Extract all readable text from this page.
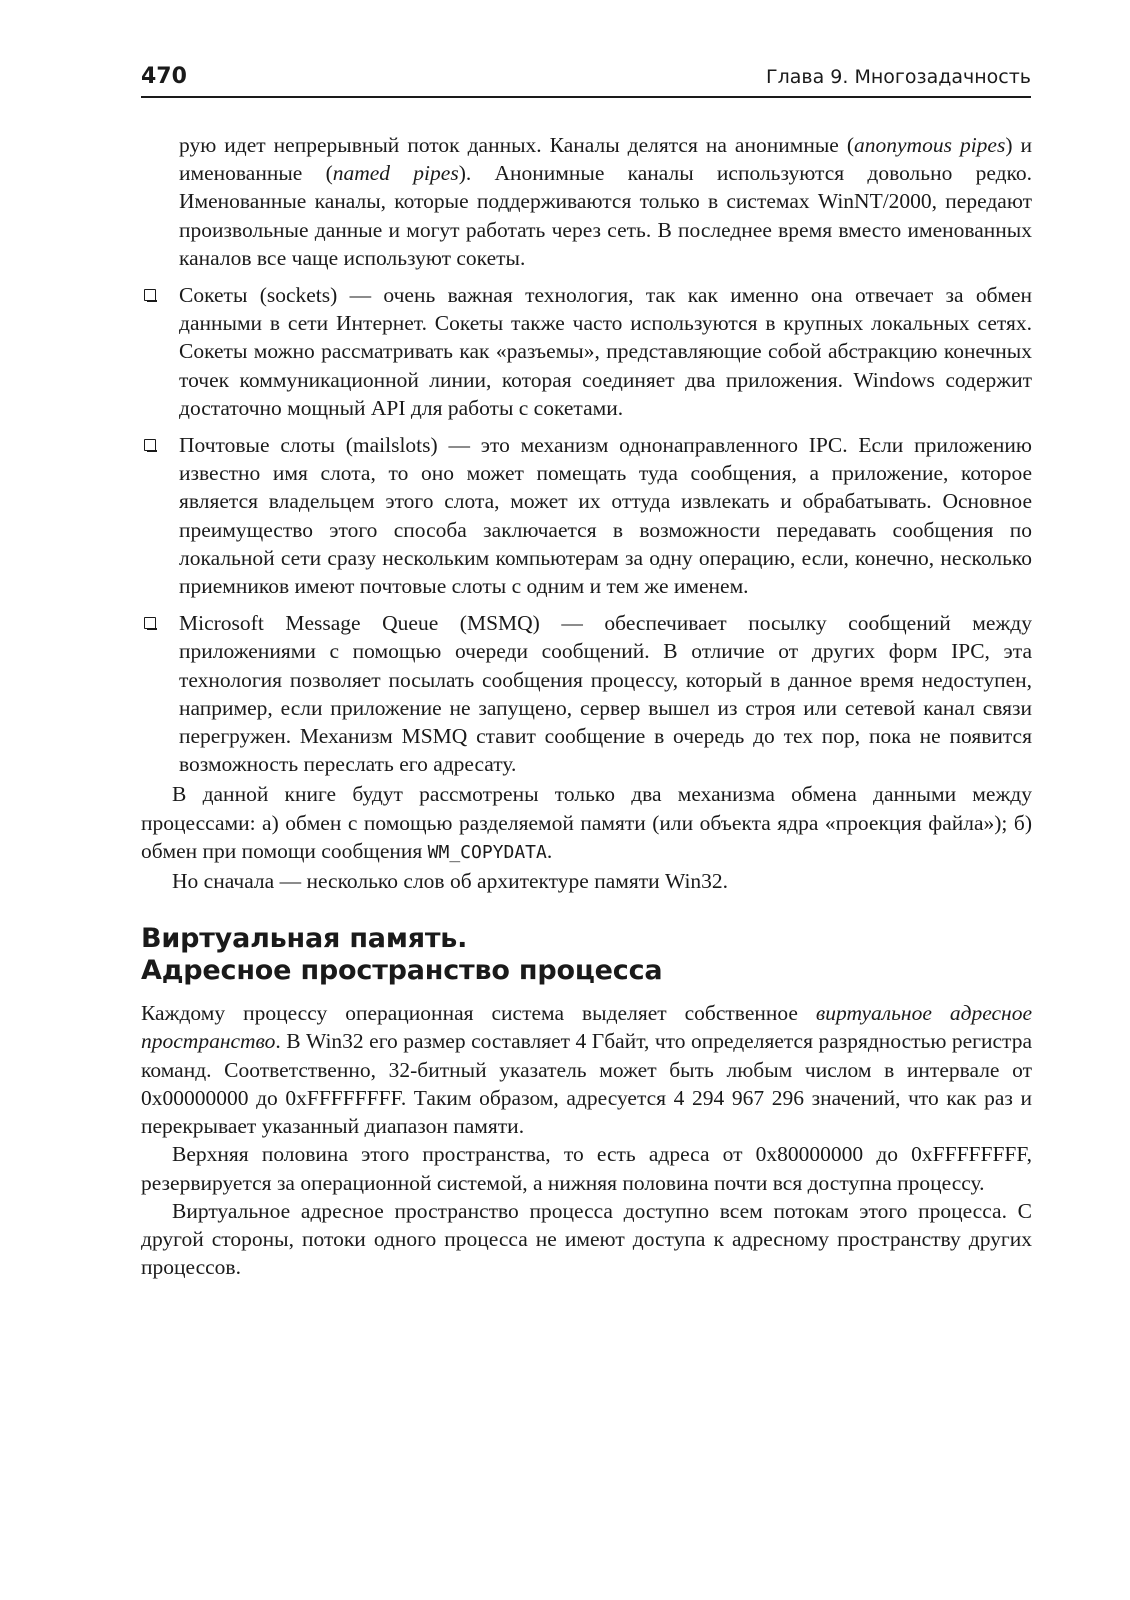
470	Глава 9. Многозадачность
рую идет непрерывный поток данных. Каналы делятся на анонимные (anonymous pipes) и именованные (named pipes). Анонимные каналы используются довольно редко. Именованные каналы, которые поддерживаются только в системах WinNT/2000, передают произвольные данные и могут работать через сеть. В последнее время вместо именованных каналов все чаще используют сокеты.
Сокеты (sockets) — очень важная технология, так как именно она отвечает за обмен данными в сети Интернет. Сокеты также часто используются в крупных локальных сетях. Сокеты можно рассматривать как «разъемы», представляющие собой абстракцию конечных точек коммуникационной линии, которая соединяет два приложения. Windows содержит достаточно мощный API для работы с сокетами.
Почтовые слоты (mailslots) — это механизм однонаправленного IPC. Если приложению известно имя слота, то оно может помещать туда сообщения, а приложение, которое является владельцем этого слота, может их оттуда извлекать и обрабатывать. Основное преимущество этого способа заключается в возможности передавать сообщения по локальной сети сразу нескольким компьютерам за одну операцию, если, конечно, несколько приемников имеют почтовые слоты с одним и тем же именем.
Microsoft Message Queue (MSMQ) — обеспечивает посылку сообщений между приложениями с помощью очереди сообщений. В отличие от других форм IPC, эта технология позволяет посылать сообщения процессу, который в данное время недоступен, например, если приложение не запущено, сервер вышел из строя или сетевой канал связи перегружен. Механизм MSMQ ставит сообщение в очередь до тех пор, пока не появится возможность переслать его адресату.

В данной книге будут рассмотрены только два механизма обмена данными между процессами: а) обмен с помощью разделяемой памяти (или объекта ядра «проекция файла»); б) обмен при помощи сообщения WM_COPYDATA.

Но сначала — несколько слов об архитектуре памяти Win32.

Виртуальная память.
Адресное пространство процесса

Каждому процессу операционная система выделяет собственное виртуальное адресное пространство. В Win32 его размер составляет 4 Гбайт, что определяется разрядностью регистра команд. Соответственно, 32-битный указатель может быть любым числом в интервале от 0x00000000 до 0xFFFFFFFF. Таким образом, адресуется 4 294 967 296 значений, что как раз и перекрывает указанный диапазон памяти.

Верхняя половина этого пространства, то есть адреса от 0x80000000 до 0xFFFFFFFF, резервируется за операционной системой, а нижняя половина почти вся доступна процессу.

Виртуальное адресное пространство процесса доступно всем потокам этого процесса. С другой стороны, потоки одного процесса не имеют доступа к адресному пространству других процессов.
